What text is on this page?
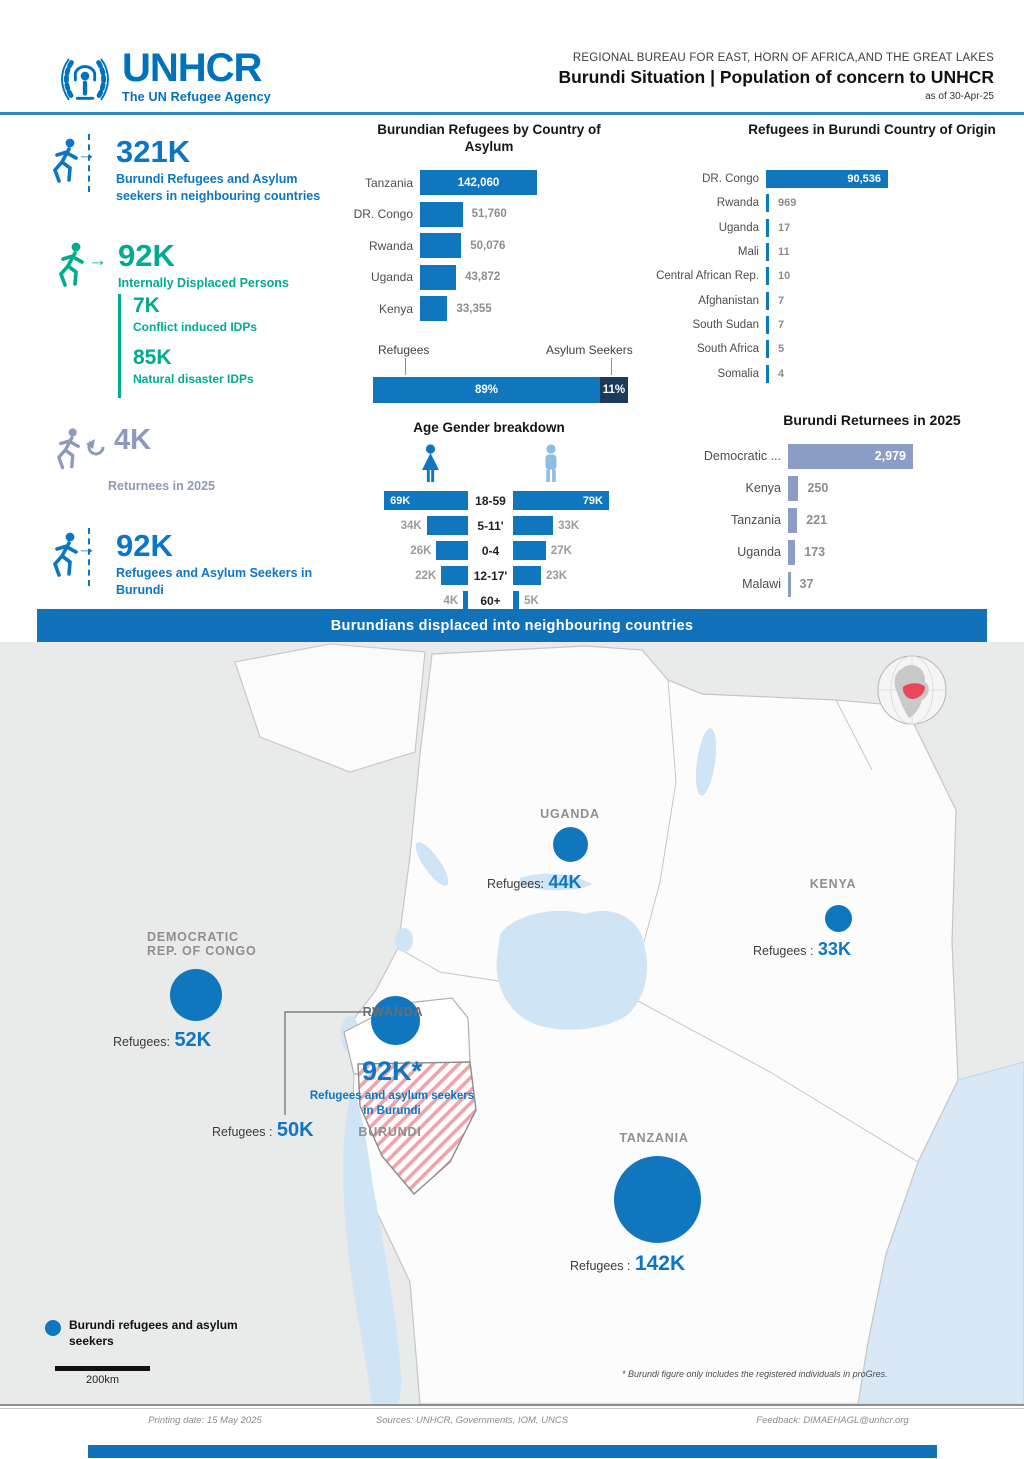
UNHCR
The UN Refugee Agency
REGIONAL BUREAU FOR EAST, HORN OF AFRICA,AND THE GREAT LAKES
Burundi Situation | Population of concern to UNHCR
as of 30-Apr-25
→ 321K
Burundi Refugees and Asylum seekers in neighbouring countries
→ 92K
Internally Displaced Persons
7K
Conflict induced IDPs
85K
Natural disaster IDPs
4K
Returnees in 2025
→ 92K
Refugees and Asylum Seekers in Burundi
Burundian Refugees by Country of Asylum
Tanzania	142,060
DR. Congo	51,760
Rwanda	50,076
Uganda	43,872
Kenya	33,355
Refugees	Asylum Seekers
89%	11%
Age Gender breakdown
69K	18-59	79K
34K	5-11'	33K
26K	0-4	27K
22K	12-17'	23K
4K	60+	5K
Refugees in Burundi Country of Origin
DR. Congo	90,536
Rwanda	969
Uganda	17
Mali	11
Central African Rep.	10
Afghanistan	7
South Sudan	7
South Africa	5
Somalia	4
Burundi Returnees in 2025
Democratic ...	2,979
Kenya	250
Tanzania	221
Uganda	173
Malawi	37
Burundians displaced into neighbouring countries
UGANDA
Refugees: 44K	KENYA
Refugees : 33K
DEMOCRATIC REP. OF CONGO
Refugees: 52K
RWANDA
Refugees : 50K	TANZANIA
Refugees : 142K
92K*
Refugees and asylum seekers in Burundi
BURUNDI
Burundi refugees and asylum seekers
200km	* Burundi figure only includes the registered individuals in proGres.
Printing date: 15 May 2025	Sources: UNHCR, Governments, IOM, UNCS	Feedback: DIMAEHAGL@unhcr.org
